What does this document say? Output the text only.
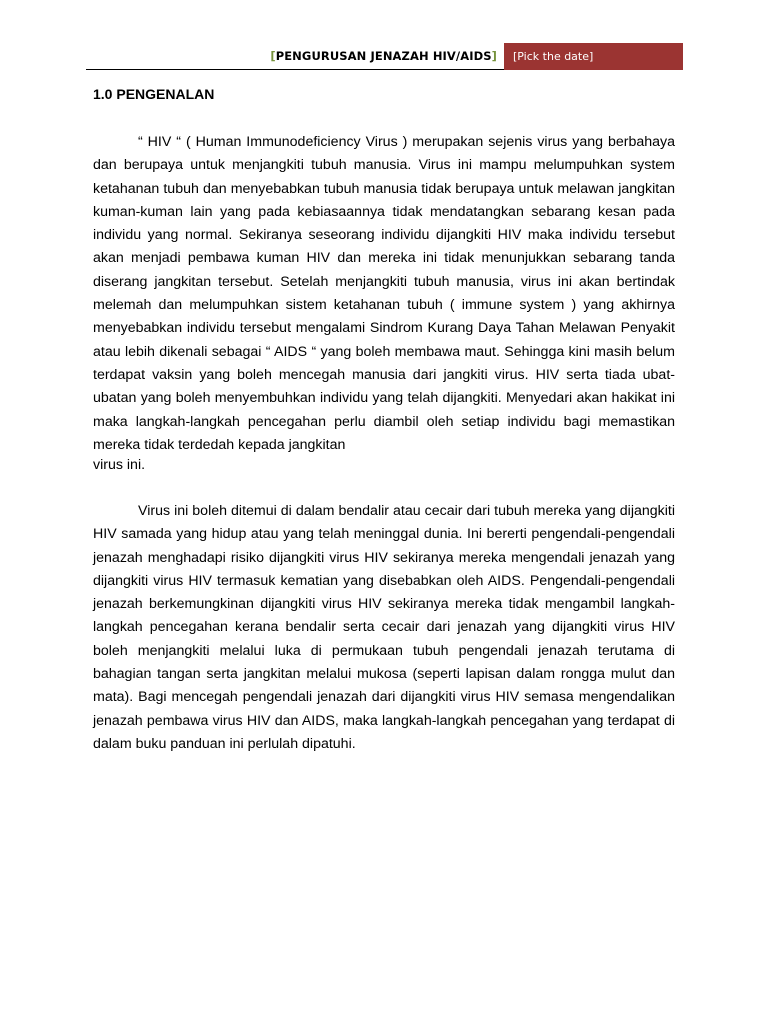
[PENGURUSAN JENAZAH HIV/AIDS]	[Pick the date]
1.0 PENGENALAN

“ HIV “ ( Human Immunodeficiency Virus ) merupakan sejenis virus yang berbahaya dan berupaya untuk menjangkiti tubuh manusia. Virus ini mampu melumpuhkan system ketahanan tubuh dan menyebabkan tubuh manusia tidak berupaya untuk melawan jangkitan kuman-kuman lain yang pada kebiasaannya tidak mendatangkan sebarang kesan pada individu yang normal. Sekiranya seseorang individu dijangkiti HIV maka individu tersebut akan menjadi pembawa kuman HIV dan mereka ini tidak menunjukkan sebarang tanda diserang jangkitan tersebut. Setelah menjangkiti tubuh manusia, virus ini akan bertindak melemah dan melumpuhkan sistem ketahanan tubuh ( immune system ) yang akhirnya menyebabkan individu tersebut mengalami Sindrom Kurang Daya Tahan Melawan Penyakit atau lebih dikenali sebagai “ AIDS “ yang boleh membawa maut. Sehingga kini masih belum terdapat vaksin yang boleh mencegah manusia dari jangkiti virus. HIV serta tiada ubat-ubatan yang boleh menyembuhkan individu yang telah dijangkiti. Menyedari akan hakikat ini maka langkah-langkah pencegahan perlu diambil oleh setiap individu bagi memastikan mereka tidak terdedah kepada jangkitan

virus ini.

Virus ini boleh ditemui di dalam bendalir atau cecair dari tubuh mereka yang dijangkiti HIV samada yang hidup atau yang telah meninggal dunia. Ini bererti pengendali-pengendali jenazah menghadapi risiko dijangkiti virus HIV sekiranya mereka mengendali jenazah yang dijangkiti virus HIV termasuk kematian yang disebabkan oleh AIDS. Pengendali-pengendali jenazah berkemungkinan dijangkiti virus HIV sekiranya mereka tidak mengambil langkah-langkah pencegahan kerana bendalir serta cecair dari jenazah yang dijangkiti virus HIV boleh menjangkiti melalui luka di permukaan tubuh pengendali jenazah terutama di bahagian tangan serta jangkitan melalui mukosa (seperti lapisan dalam rongga mulut dan mata). Bagi mencegah pengendali jenazah dari dijangkiti virus HIV semasa mengendalikan jenazah pembawa virus HIV dan AIDS, maka langkah-langkah pencegahan yang terdapat di dalam buku panduan ini perlulah dipatuhi.
